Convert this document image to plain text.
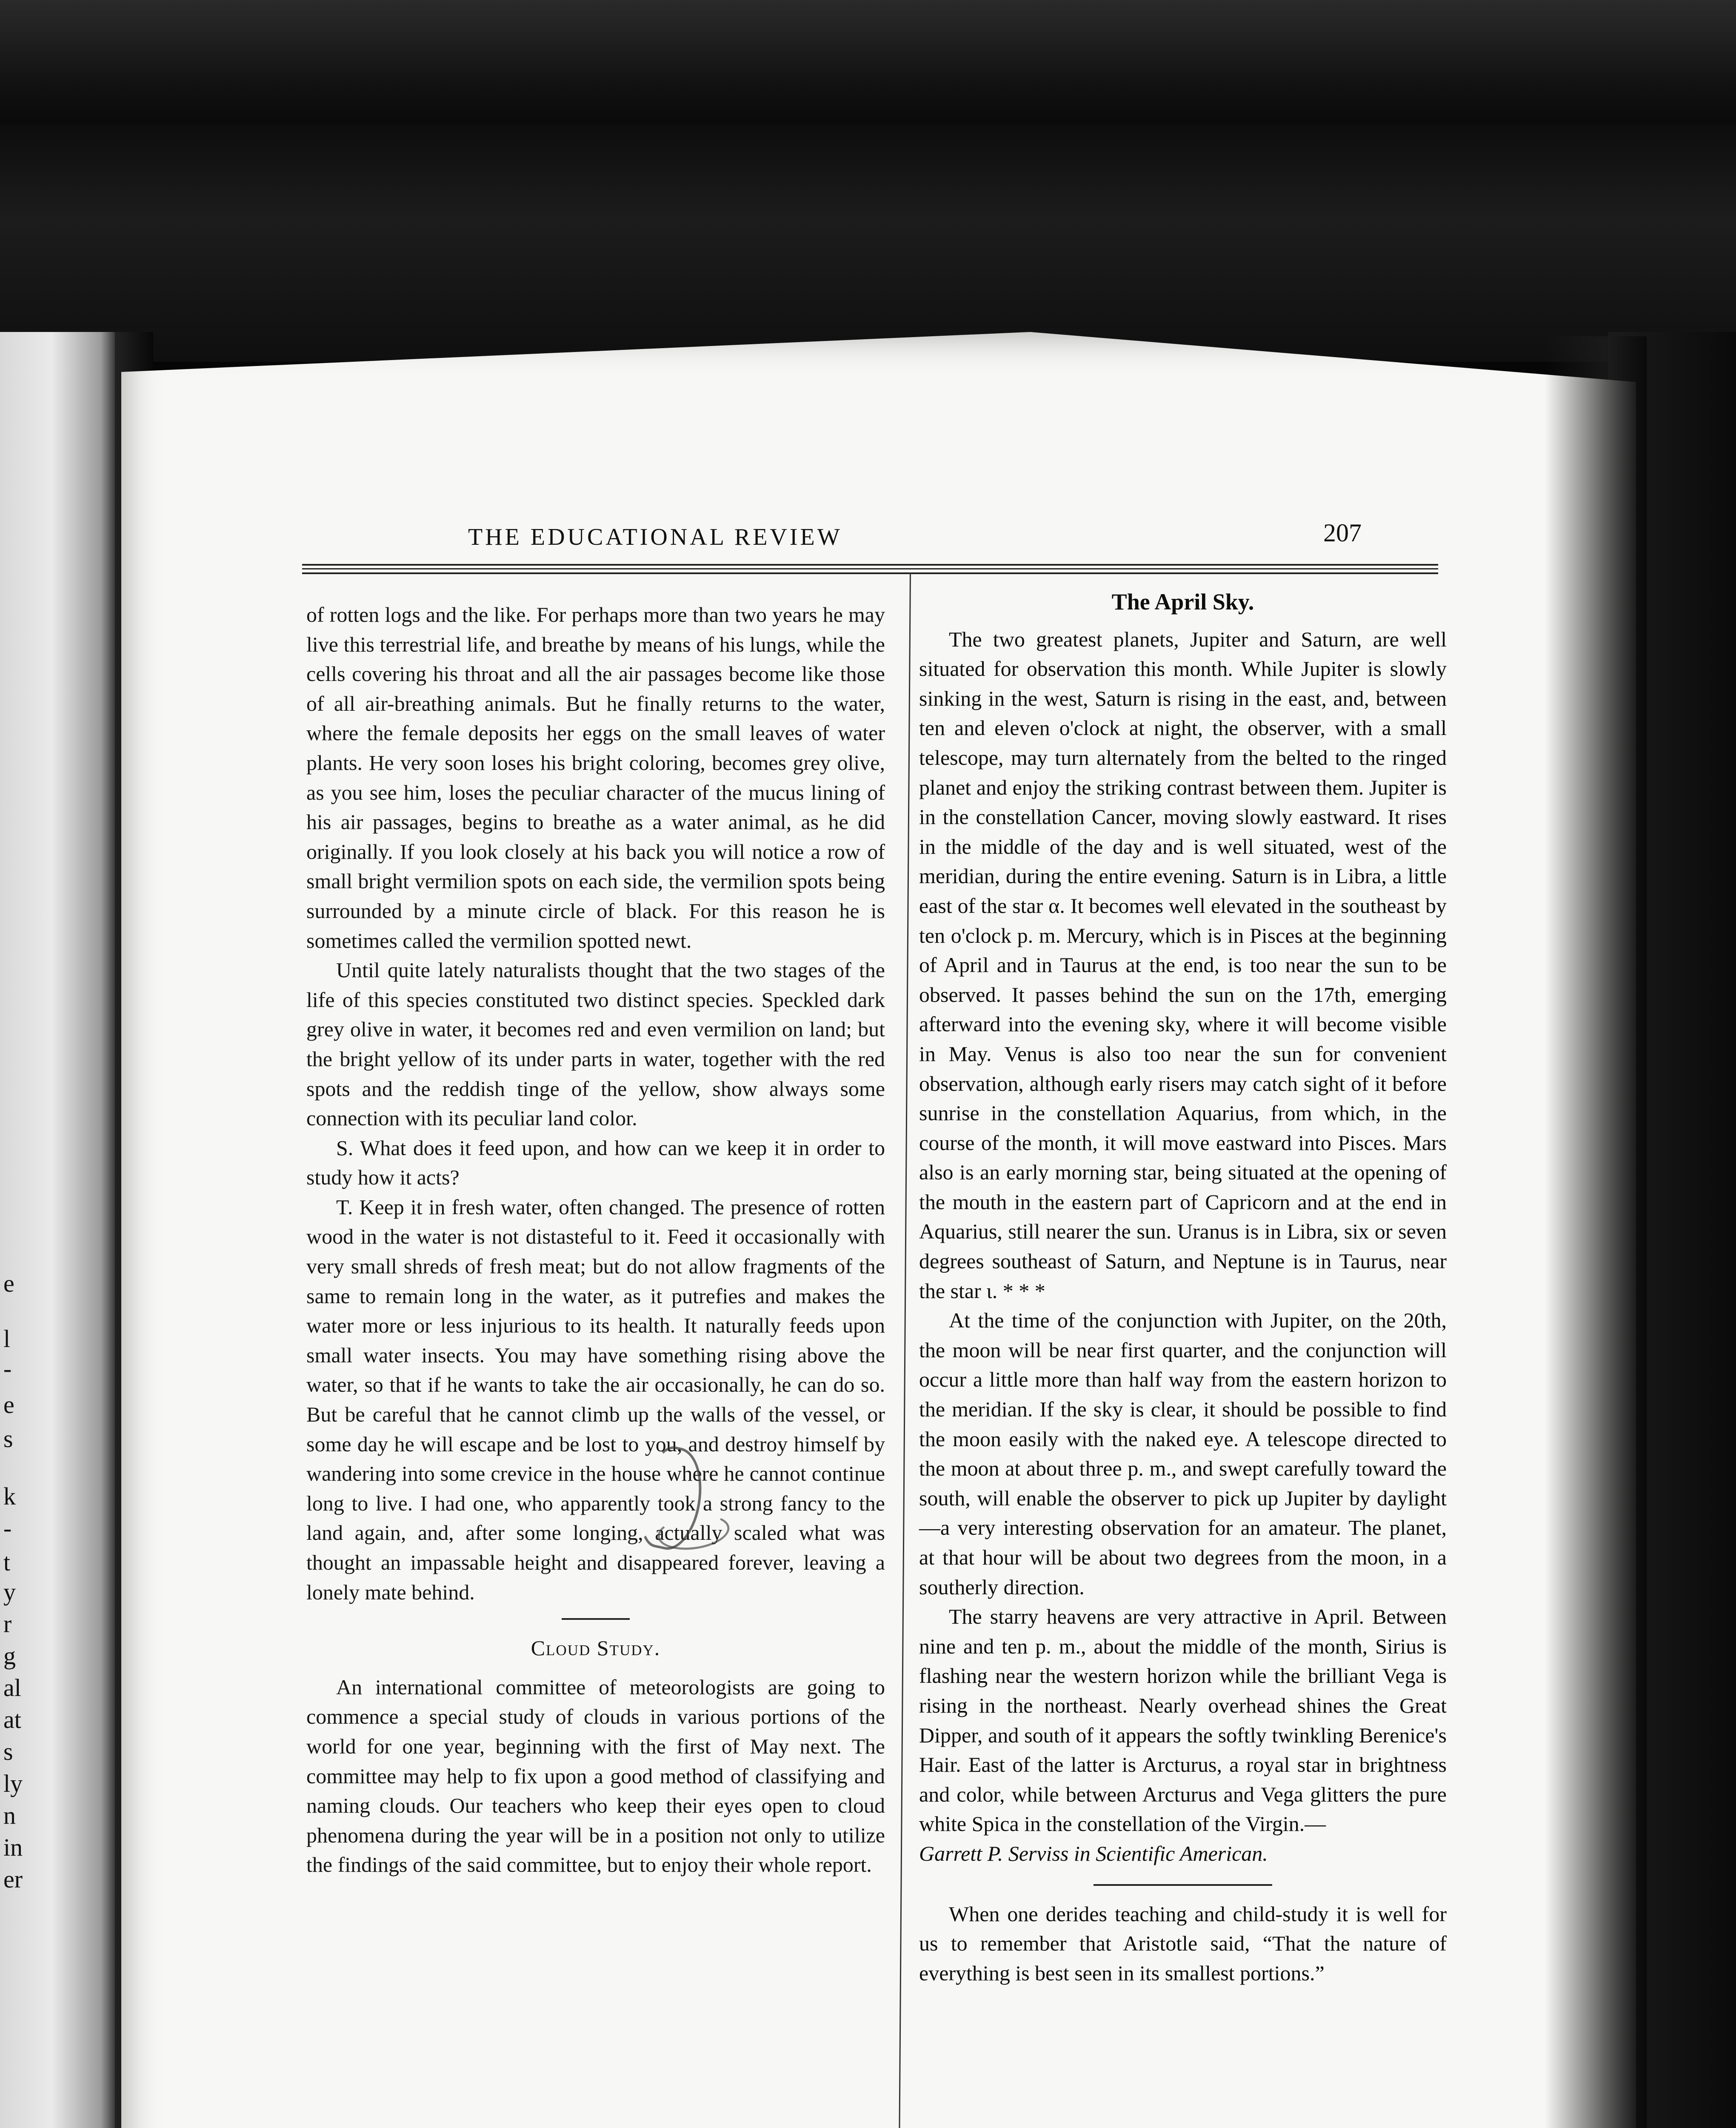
e
l
-
e
s
k
-
t
y
r
g
al
at
s
ly
n
in
er
THE EDUCATIONAL REVIEW	207

of rotten logs and the like. For perhaps more than two years he may live this terrestrial life, and breathe by means of his lungs, while the cells covering his throat and all the air passages become like those of all air-breathing animals. But he finally returns to the water, where the female deposits her eggs on the small leaves of water plants. He very soon loses his bright coloring, becomes grey olive, as you see him, loses the peculiar character of the mucus lining of his air passages, begins to breathe as a water animal, as he did originally. If you look closely at his back you will notice a row of small bright vermilion spots on each side, the vermilion spots being surrounded by a minute circle of black. For this reason he is sometimes called the vermilion spotted newt.

Until quite lately naturalists thought that the two stages of the life of this species constituted two distinct species. Speckled dark grey olive in water, it becomes red and even vermilion on land; but the bright yellow of its under parts in water, together with the red spots and the reddish tinge of the yellow, show always some connection with its peculiar land color.

S. What does it feed upon, and how can we keep it in order to study how it acts?

T. Keep it in fresh water, often changed. The presence of rotten wood in the water is not distasteful to it. Feed it occasionally with very small shreds of fresh meat; but do not allow fragments of the same to remain long in the water, as it putrefies and makes the water more or less injurious to its health. It naturally feeds upon small water insects. You may have something rising above the water, so that if he wants to take the air occasionally, he can do so. But be careful that he cannot climb up the walls of the vessel, or some day he will escape and be lost to you, and destroy himself by wandering into some crevice in the house where he cannot continue long to live. I had one, who apparently took a strong fancy to the land again, and, after some longing, actually scaled what was thought an impassable height and disappeared forever, leaving a lonely mate behind.

Cloud Study.

An international committee of meteorologists are going to commence a special study of clouds in various portions of the world for one year, beginning with the first of May next. The committee may help to fix upon a good method of classifying and naming clouds. Our teachers who keep their eyes open to cloud phenomena during the year will be in a position not only to utilize the findings of the said committee, but to enjoy their whole report.

The April Sky.

The two greatest planets, Jupiter and Saturn, are well situated for observation this month. While Jupiter is slowly sinking in the west, Saturn is rising in the east, and, between ten and eleven o'clock at night, the observer, with a small telescope, may turn alternately from the belted to the ringed planet and enjoy the striking contrast between them. Jupiter is in the constellation Cancer, moving slowly eastward. It rises in the middle of the day and is well situated, west of the meridian, during the entire evening. Saturn is in Libra, a little east of the star α. It becomes well elevated in the southeast by ten o'clock p. m. Mercury, which is in Pisces at the beginning of April and in Taurus at the end, is too near the sun to be observed. It passes behind the sun on the 17th, emerging afterward into the evening sky, where it will become visible in May. Venus is also too near the sun for convenient observation, although early risers may catch sight of it before sunrise in the constellation Aquarius, from which, in the course of the month, it will move eastward into Pisces. Mars also is an early morning star, being situated at the opening of the mouth in the eastern part of Capricorn and at the end in Aquarius, still nearer the sun. Uranus is in Libra, six or seven degrees southeast of Saturn, and Neptune is in Taurus, near the star ι. * * *

At the time of the conjunction with Jupiter, on the 20th, the moon will be near first quarter, and the conjunction will occur a little more than half way from the eastern horizon to the meridian. If the sky is clear, it should be possible to find the moon easily with the naked eye. A telescope directed to the moon at about three p. m., and swept carefully toward the south, will enable the observer to pick up Jupiter by daylight—a very interesting observation for an amateur. The planet, at that hour will be about two degrees from the moon, in a southerly direction.

The starry heavens are very attractive in April. Between nine and ten p. m., about the middle of the month, Sirius is flashing near the western horizon while the brilliant Vega is rising in the northeast. Nearly overhead shines the Great Dipper, and south of it appears the softly twinkling Berenice's Hair. East of the latter is Arcturus, a royal star in brightness and color, while between Arcturus and Vega glitters the pure white Spica in the constellation of the Virgin.—

Garrett P. Serviss in Scientific American.

When one derides teaching and child-study it is well for us to remember that Aristotle said, “That the nature of everything is best seen in its smallest portions.”
